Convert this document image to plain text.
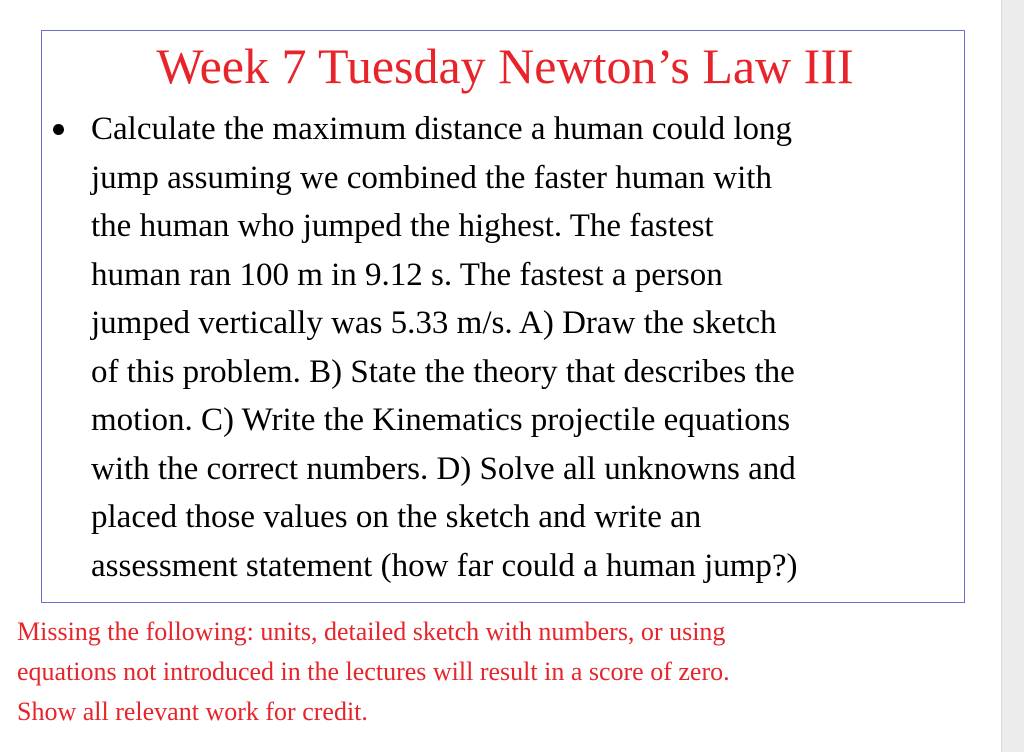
Week 7 Tuesday Newton’s Law III
Calculate the maximum distance a human could long
jump assuming we combined the faster human with
the human who jumped the highest. The fastest
human ran 100 m in 9.12 s. The fastest a person
jumped vertically was 5.33 m/s. A) Draw the sketch
of this problem. B) State the theory that describes the
motion. C) Write the Kinematics projectile equations
with the correct numbers. D) Solve all unknowns and
placed those values on the sketch and write an
assessment statement (how far could a human jump?)
Missing the following: units, detailed sketch with numbers, or using
equations not introduced in the lectures will result in a score of zero.
Show all relevant work for credit.
